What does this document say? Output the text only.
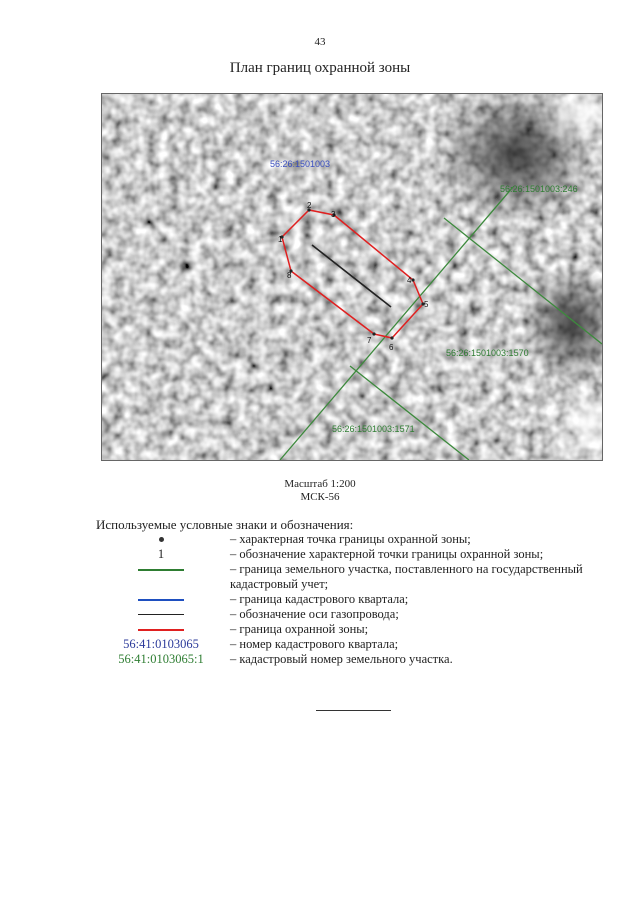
43
План границ охранной зоны
1
2
3
4
5
6
7
8
56:26:1501003
56:26:1501003:246
56:26:1501003:1570
56:26:1501003:1571
Масштаб 1:200
МСК-56
Используемые условные знаки и обозначения:
– характерная точка границы охранной зоны;
1	– обозначение характерной точки границы охранной зоны;
– граница земельного участка, поставленного на государственный кадастровый учет;
– граница кадастрового квартала;
– обозначение оси газопровода;
– граница охранной зоны;
56:41:0103065	– номер кадастрового квартала;
56:41:0103065:1	– кадастровый номер земельного участка.
